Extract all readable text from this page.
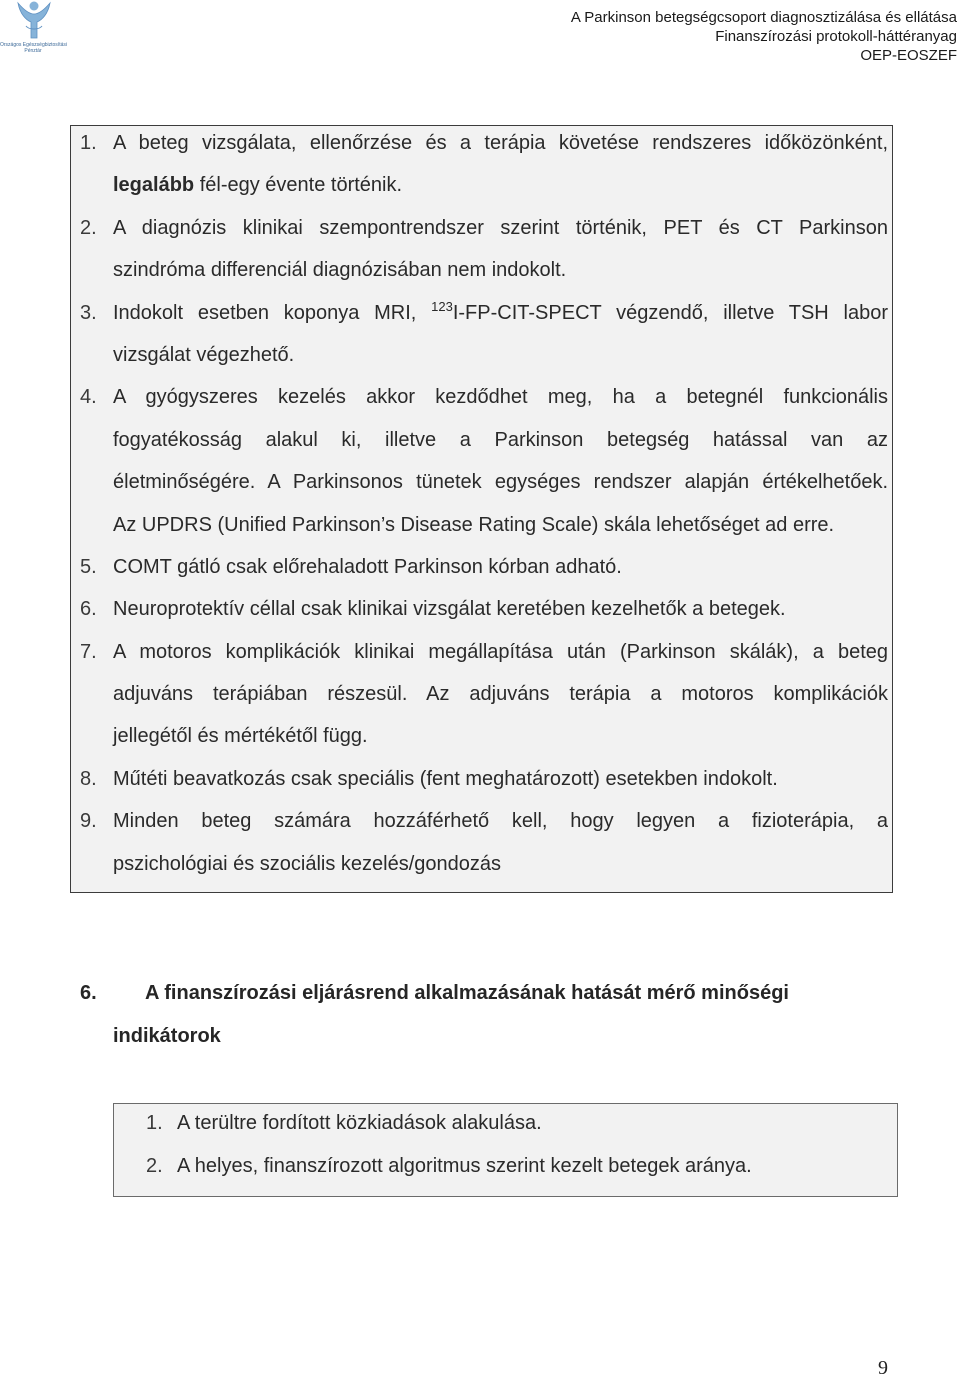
Országos Egészségbiztosítási
Pénztár
A Parkinson betegségcsoport diagnosztizálása és ellátása
Finanszírozási protokoll-háttéranyag
OEP-EOSZEF
1. A beteg vizsgálata, ellenőrzése és a terápia követése rendszeres időközönként,
legalább fél-egy évente történik.
2. A diagnózis klinikai szempontrendszer szerint történik, PET és CT Parkinson
szindróma differenciál diagnózisában nem indokolt.
3. Indokolt esetben koponya MRI, $^{123}$I-FP-CIT-SPECT végzendő, illetve TSH labor
vizsgálat végezhető.
4. A gyógyszeres kezelés akkor kezdődhet meg, ha a betegnél funkcionális
fogyatékosság alakul ki, illetve a Parkinson betegség hatással van az
életminőségére. A Parkinsonos tünetek egységes rendszer alapján értékelhetőek.
Az UPDRS (Unified Parkinson’s Disease Rating Scale) skála lehetőséget ad erre.
5. COMT gátló csak előrehaladott Parkinson kórban adható.
6. Neuroprotektív céllal csak klinikai vizsgálat keretében kezelhetők a betegek.
7. A motoros komplikációk klinikai megállapítása után (Parkinson skálák), a beteg
adjuváns terápiában részesül. Az adjuváns terápia a motoros komplikációk
jellegétől és mértékétől függ.
8. Műtéti beavatkozás csak speciális (fent meghatározott) esetekben indokolt.
9. Minden beteg számára hozzáférhető kell, hogy legyen a fizioterápia, a
pszichológiai és szociális kezelés/gondozás
6. A finanszírozási eljárásrend alkalmazásának hatását mérő minőségi
indikátorok
1. A terültre fordított közkiadások alakulása.
2. A helyes, finanszírozott algoritmus szerint kezelt betegek aránya.
9
